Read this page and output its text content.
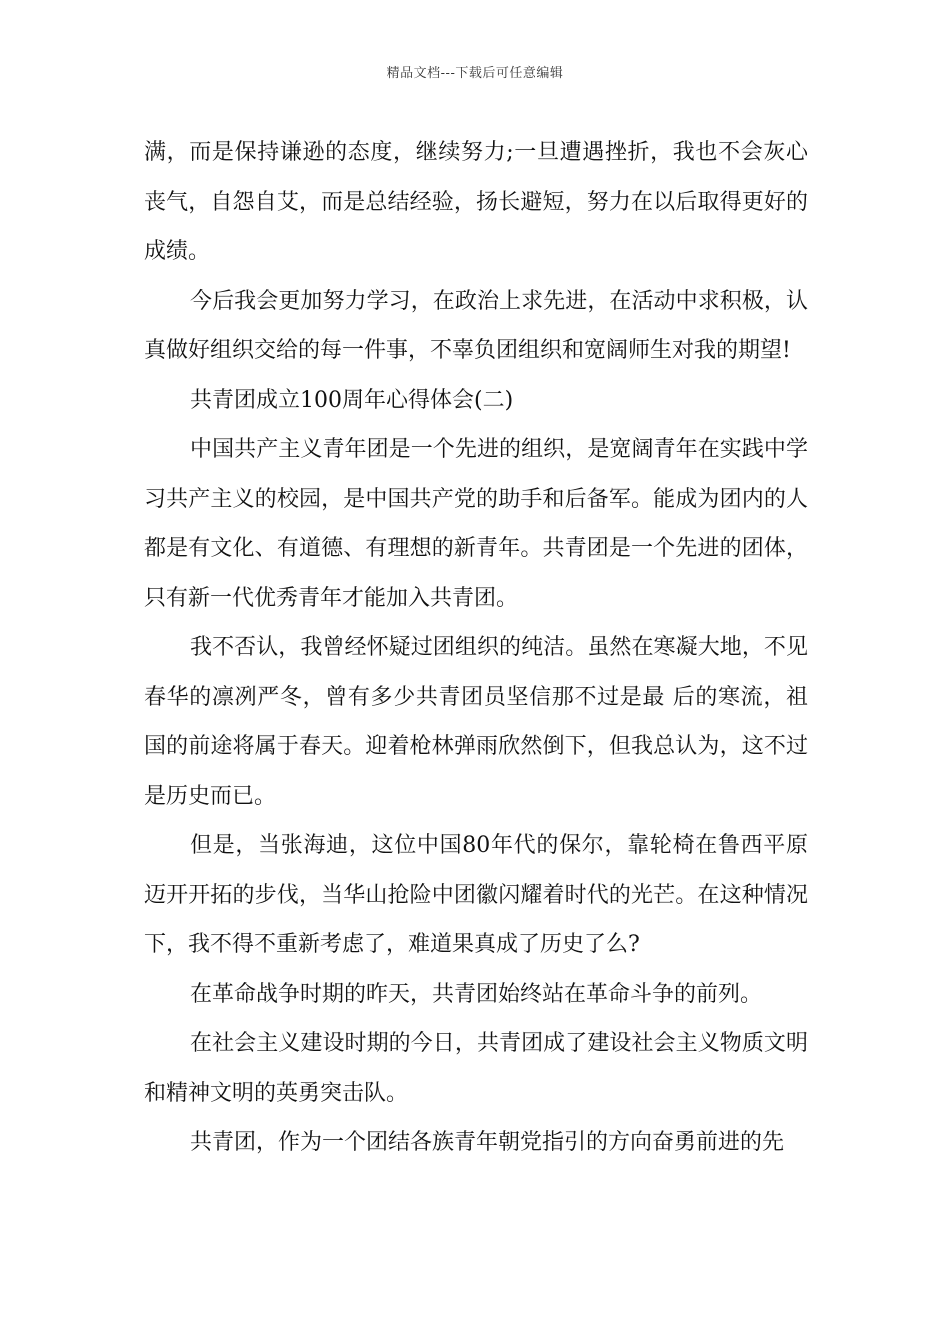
精品文档---下载后可任意编辑

满，而是保持谦逊的态度，继续努力;一旦遭遇挫折，我也不会灰心丧气，自怨自艾，而是总结经验，扬长避短，努力在以后取得更好的成绩。

今后我会更加努力学习，在政治上求先进，在活动中求积极，认真做好组织交给的每一件事，不辜负团组织和宽阔师生对我的期望!

共青团成立100周年心得体会(二)

中国共产主义青年团是一个先进的组织，是宽阔青年在实践中学习共产主义的校园，是中国共产党的助手和后备军。能成为团内的人都是有文化、有道德、有理想的新青年。共青团是一个先进的团体，只有新一代优秀青年才能加入共青团。

我不否认，我曾经怀疑过团组织的纯洁。虽然在寒凝大地，不见春华的凛冽严冬，曾有多少共青团员坚信那不过是最 后的寒流，祖国的前途将属于春天。迎着枪林弹雨欣然倒下，但我总认为，这不过是历史而已。

但是，当张海迪，这位中国80年代的保尔，靠轮椅在鲁西平原迈开开拓的步伐，当华山抢险中团徽闪耀着时代的光芒。在这种情况下，我不得不重新考虑了，难道果真成了历史了么?

在革命战争时期的昨天，共青团始终站在革命斗争的前列。

在社会主义建设时期的今日，共青团成了建设社会主义物质文明和精神文明的英勇突击队。

共青团，作为一个团结各族青年朝党指引的方向奋勇前进的先
